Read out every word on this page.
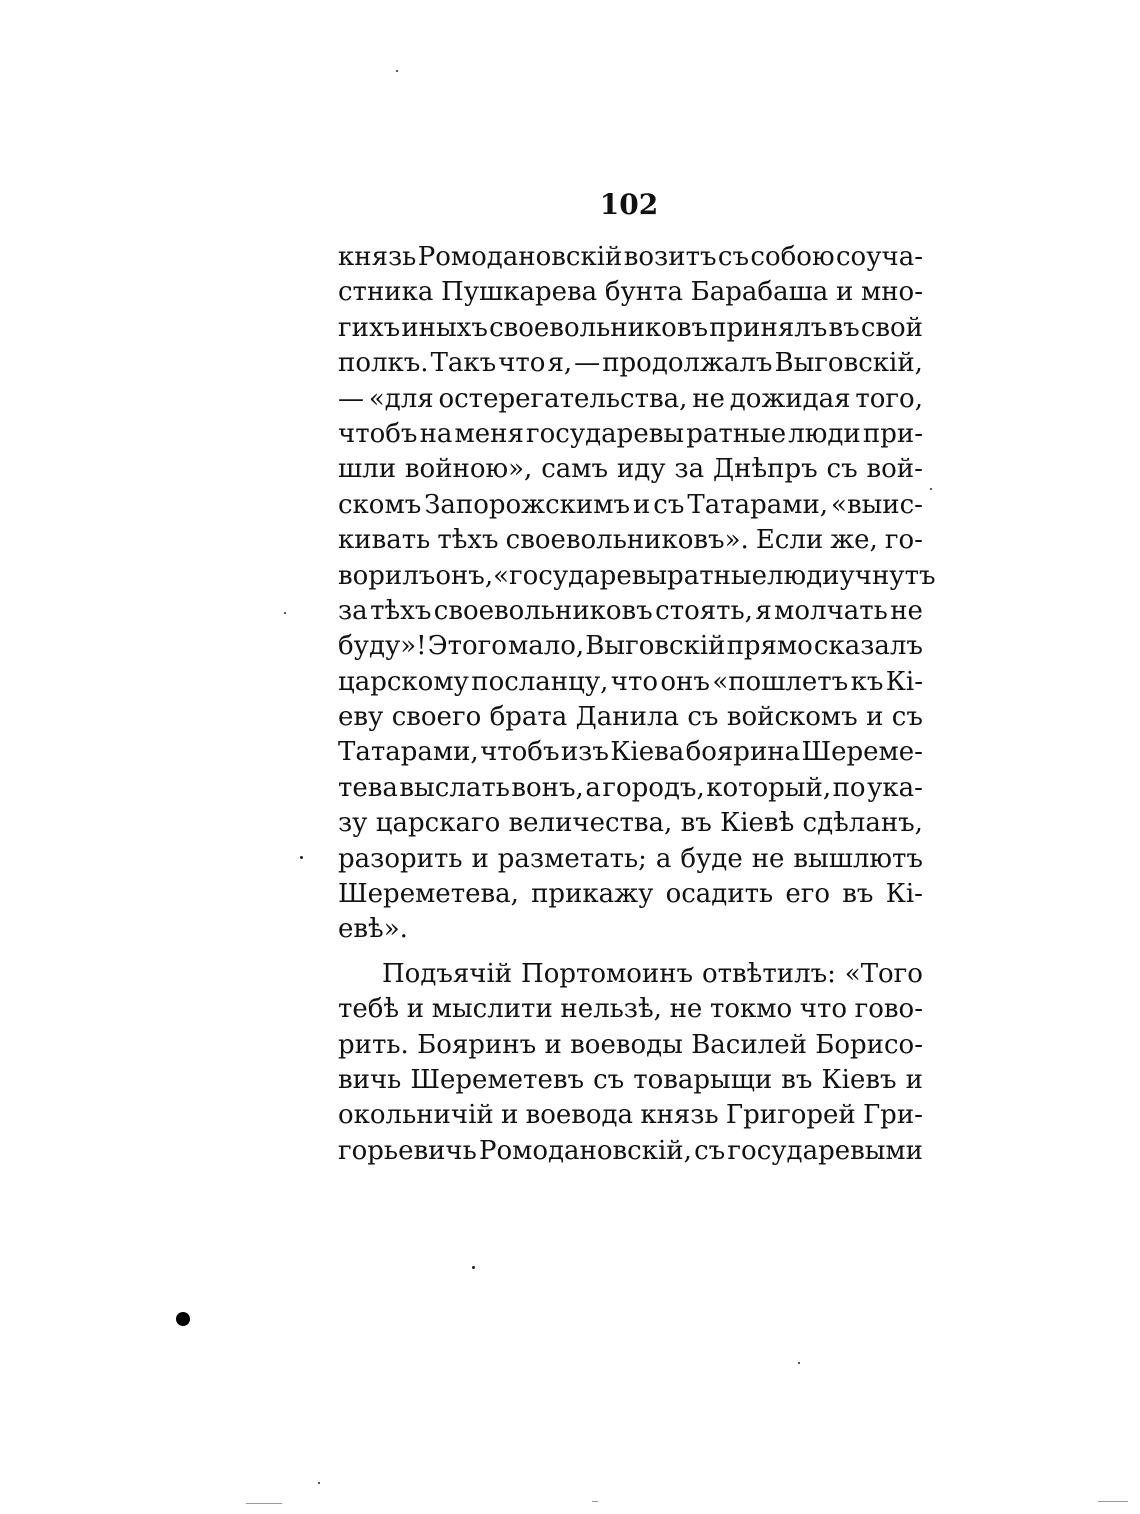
102
князь Ромодановскій возитъ съ собою соуча-
стника Пушкарева бунта Барабаша и мно-
гихъ иныхъ своевольниковъ принялъ въ свой
полкъ. Такъ что я, — продолжалъ Выговскій,
— «для остерегательства, не дожидая того,
чтобъ на меня государевы ратные люди при-
шли войною», самъ иду за Днѣпръ съ вой-
скомъ Запорожскимъ и съ Татарами, «выис-
кивать тѣхъ своевольниковъ». Если же, го-
ворилъ онъ, «государевы ратные люди учнутъ
за тѣхъ своевольниковъ стоять, я молчать не
буду»! Этого мало, Выговскій прямо сказалъ
царскому посланцу, что онъ «пошлетъ къ Кі-
еву своего брата Данила съ войскомъ и съ
Татарами, чтобъ изъ Кіева боярина Шереме-
тева выслать вонъ, а городъ, который, по ука-
зу царскаго величества, въ Кіевѣ сдѣланъ,
разорить и разметать; а буде не вышлютъ
Шереметева, прикажу осадить его въ Кі-
евѣ».
Подъячій Портомоинъ отвѣтилъ: «Того
тебѣ и мыслити нельзѣ, не токмо что гово-
рить. Бояринъ и воеводы Василей Борисо-
вичь Шереметевъ съ товарыщи въ Кіевъ и
окольничій и воевода князь Григорей Гри-
горьевичь Ромодановскій, съ государевыми
